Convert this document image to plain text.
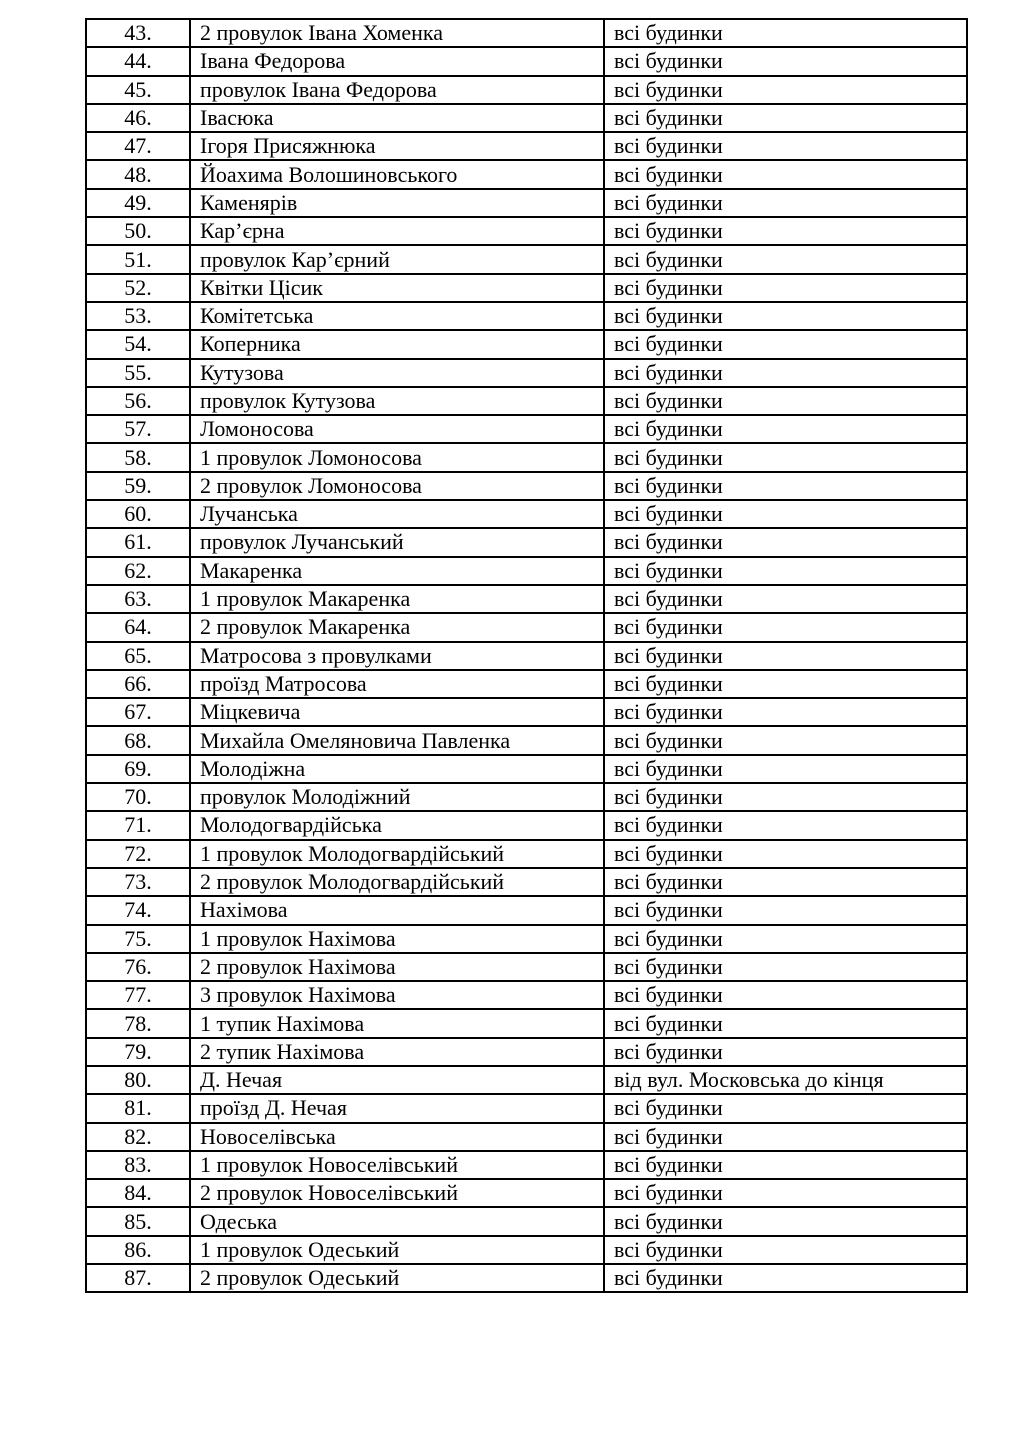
43.	2 провулок Івана Хоменка	всі будинки
44.	Івана Федорова	всі будинки
45.	провулок Івана Федорова	всі будинки
46.	Івасюка	всі будинки
47.	Ігоря Присяжнюка	всі будинки
48.	Йоахима Волошиновського	всі будинки
49.	Каменярів	всі будинки
50.	Кар’єрна	всі будинки
51.	провулок Кар’єрний	всі будинки
52.	Квітки Цісик	всі будинки
53.	Комітетська	всі будинки
54.	Коперника	всі будинки
55.	Кутузова	всі будинки
56.	провулок Кутузова	всі будинки
57.	Ломоносова	всі будинки
58.	1 провулок Ломоносова	всі будинки
59.	2 провулок Ломоносова	всі будинки
60.	Лучанська	всі будинки
61.	провулок Лучанський	всі будинки
62.	Макаренка	всі будинки
63.	1 провулок Макаренка	всі будинки
64.	2 провулок Макаренка	всі будинки
65.	Матросова з провулками	всі будинки
66.	проїзд Матросова	всі будинки
67.	Міцкевича	всі будинки
68.	Михайла Омеляновича Павленка	всі будинки
69.	Молодіжна	всі будинки
70.	провулок Молодіжний	всі будинки
71.	Молодогвардійська	всі будинки
72.	1 провулок Молодогвардійський	всі будинки
73.	2 провулок Молодогвардійський	всі будинки
74.	Нахімова	всі будинки
75.	1 провулок Нахімова	всі будинки
76.	2 провулок Нахімова	всі будинки
77.	3 провулок Нахімова	всі будинки
78.	1 тупик Нахімова	всі будинки
79.	2 тупик Нахімова	всі будинки
80.	Д. Нечая	від вул. Московська до кінця
81.	проїзд Д. Нечая	всі будинки
82.	Новоселівська	всі будинки
83.	1 провулок Новоселівський	всі будинки
84.	2 провулок Новоселівський	всі будинки
85.	Одеська	всі будинки
86.	1 провулок Одеський	всі будинки
87.	2 провулок Одеський	всі будинки
